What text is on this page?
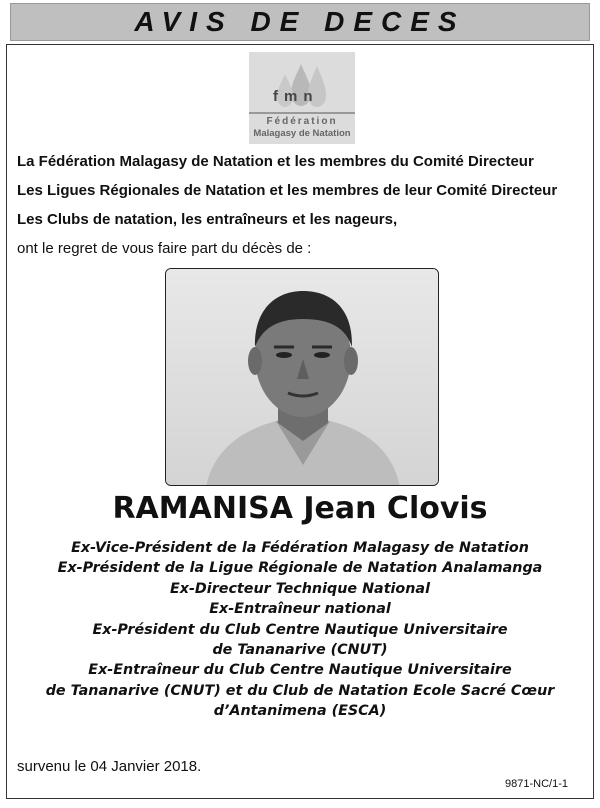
AVIS DE DECES
fmn
Fédération
Malagasy de Natation
La Fédération Malagasy de Natation et les membres du Comité Directeur
Les Ligues Régionales de Natation et les membres de leur Comité Directeur
Les Clubs de natation, les entraîneurs et les nageurs,
ont le regret de vous faire part du décès de :
RAMANISA Jean Clovis
Ex-Vice-Président de la Fédération Malagasy de Natation
Ex-Président de la Ligue Régionale de Natation Analamanga
Ex-Directeur Technique National
Ex-Entraîneur national
Ex-Président du Club Centre Nautique Universitaire
de Tananarive (CNUT)
Ex-Entraîneur du Club Centre Nautique Universitaire
de Tananarive (CNUT) et du Club de Natation Ecole Sacré Cœur
d’Antanimena (ESCA)
survenu le 04 Janvier 2018.
9871-NC/1-1
